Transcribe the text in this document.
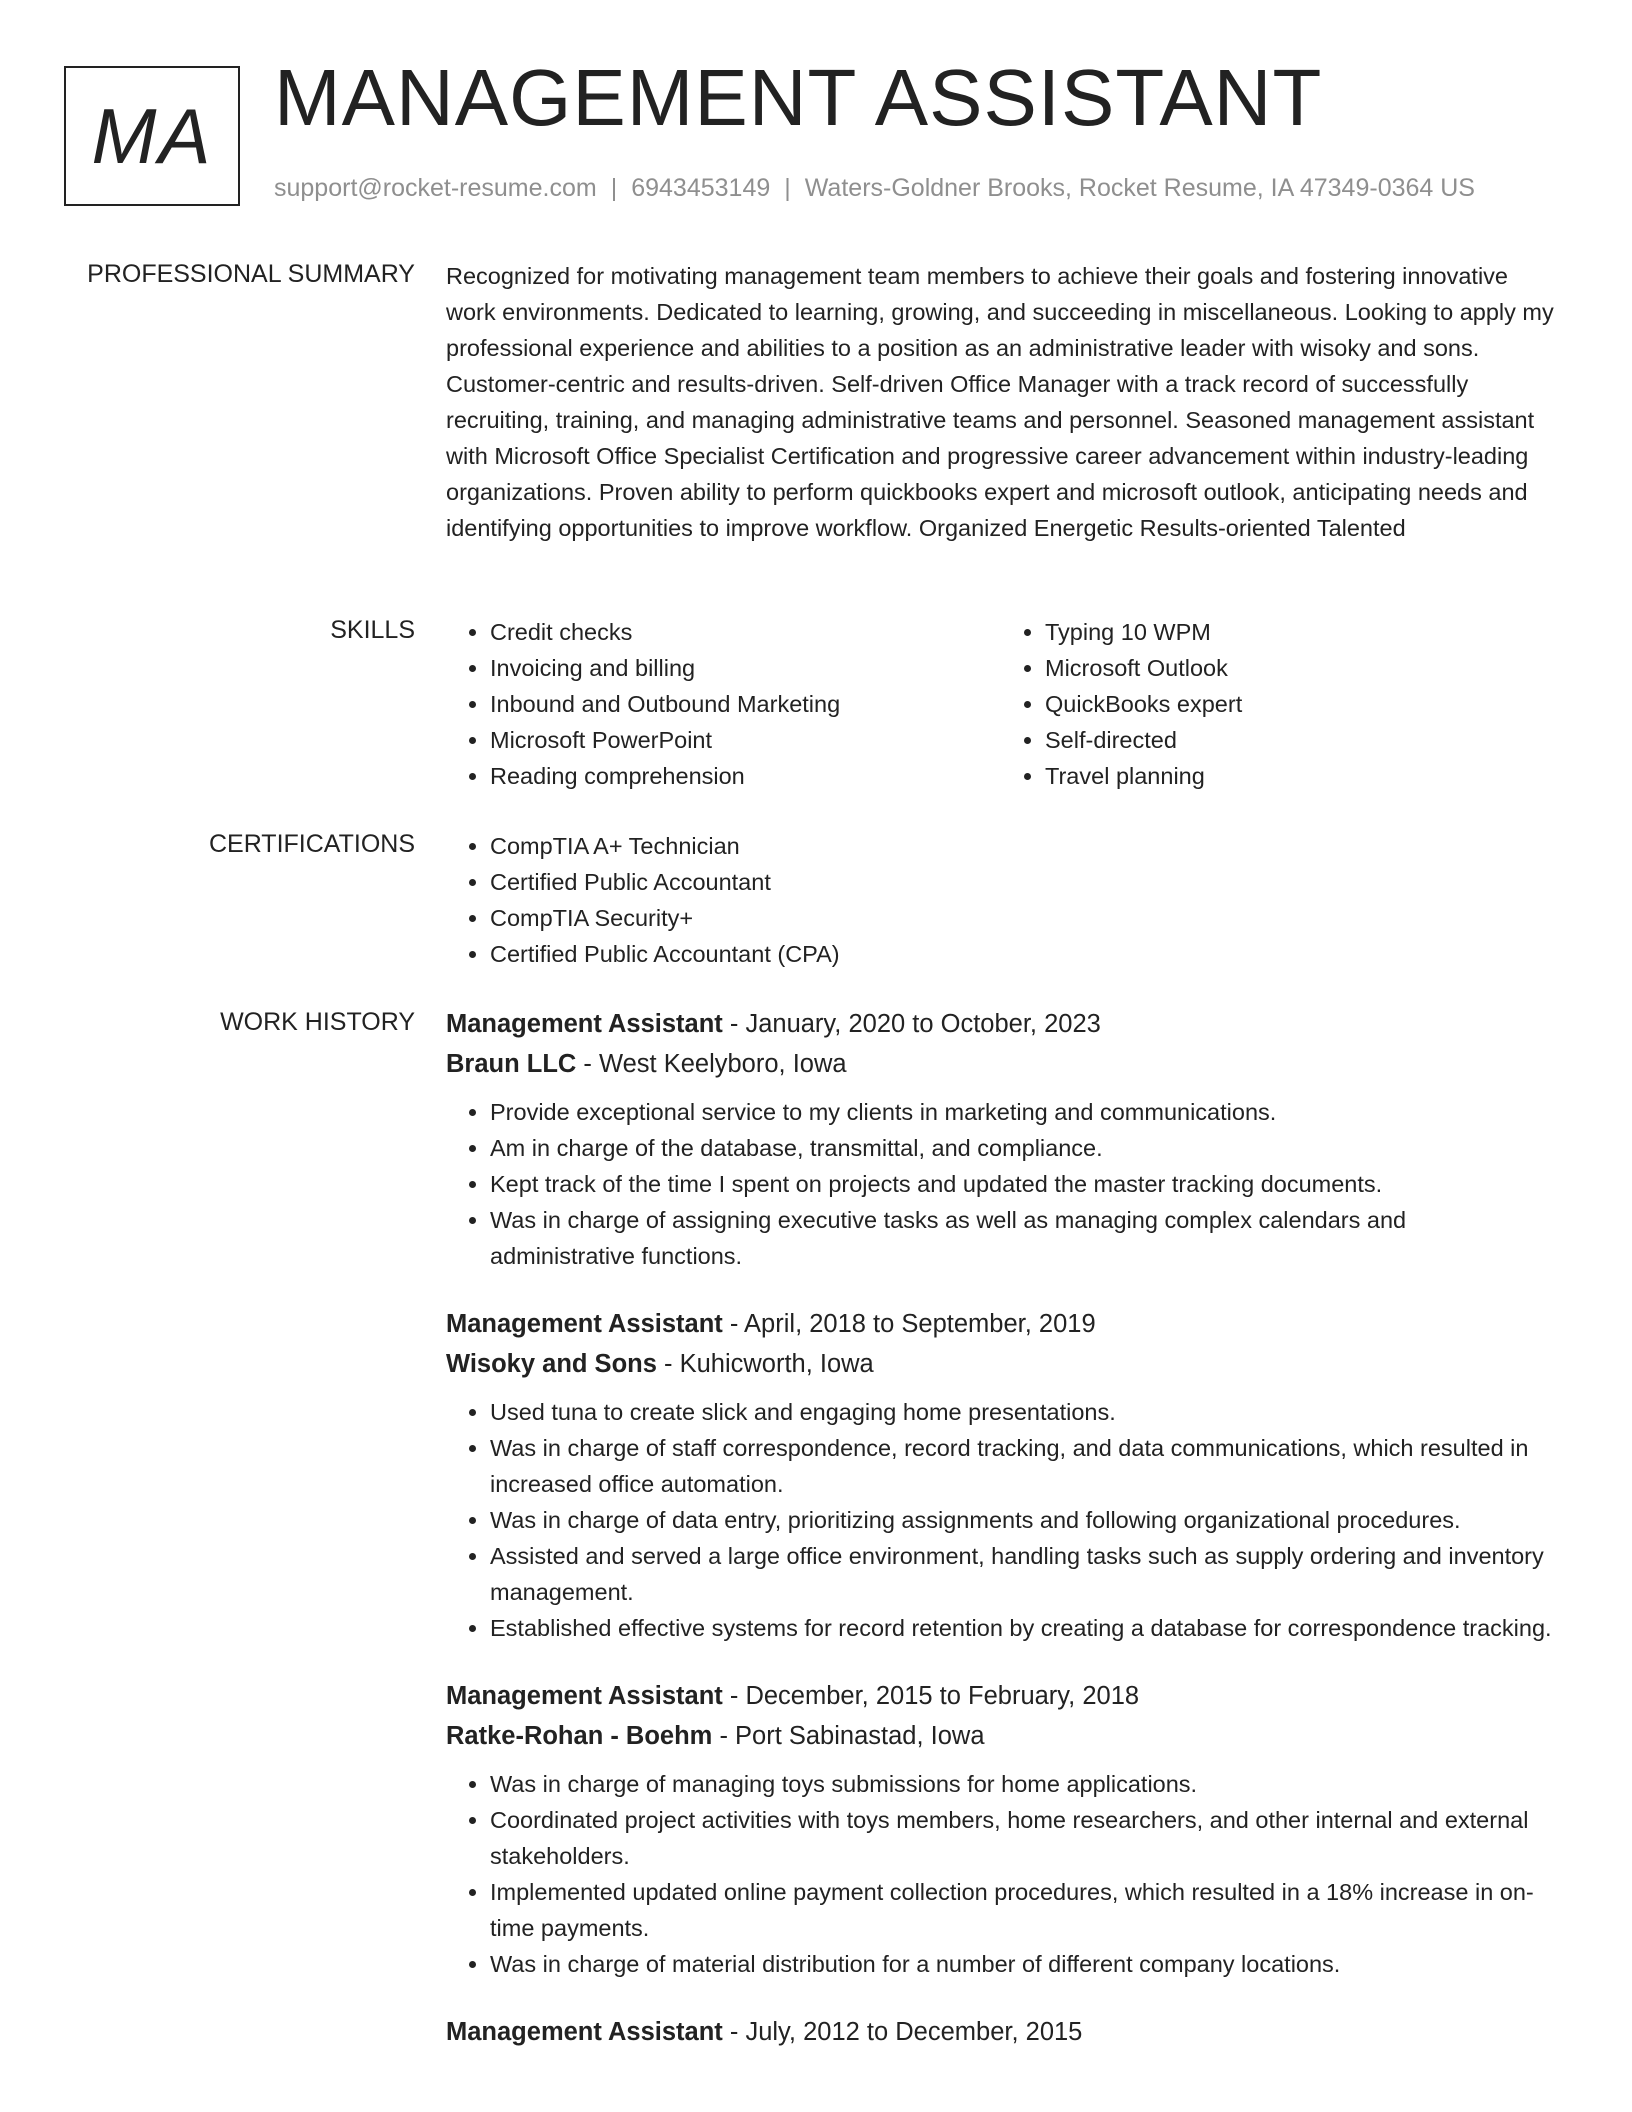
MA MANAGEMENT ASSISTANT
support@rocket-resume.com | 6943453149 | Waters-Goldner Brooks, Rocket Resume, IA 47349-0364 US
PROFESSIONAL SUMMARY Recognized for motivating management team members to achieve their goals and fostering innovative work environments. Dedicated to learning, growing, and succeeding in miscellaneous. Looking to apply my professional experience and abilities to a position as an administrative leader with wisoky and sons. Customer-centric and results-driven. Self-driven Office Manager with a track record of successfully recruiting, training, and managing administrative teams and personnel. Seasoned management assistant with Microsoft Office Specialist Certification and progressive career advancement within industry-leading organizations. Proven ability to perform quickbooks expert and microsoft outlook, anticipating needs and identifying opportunities to improve workflow. Organized Energetic Results-oriented Talented
SKILLS	• Credit checks
• Invoicing and billing
• Inbound and Outbound Marketing
• Microsoft PowerPoint
• Reading comprehension
• Typing 10 WPM
• Microsoft Outlook
• QuickBooks expert
• Self-directed
• Travel planning
CERTIFICATIONS	• CompTIA A+ Technician
• Certified Public Accountant
• CompTIA Security+
• Certified Public Accountant (CPA)
WORK HISTORY Management Assistant - January, 2020 to October, 2023
Braun LLC - West Keelyboro, Iowa
• Provide exceptional service to my clients in marketing and communications.
• Am in charge of the database, transmittal, and compliance.
• Kept track of the time I spent on projects and updated the master tracking documents.
• Was in charge of assigning executive tasks as well as managing complex calendars and administrative functions.
Management Assistant - April, 2018 to September, 2019
Wisoky and Sons - Kuhicworth, Iowa
• Used tuna to create slick and engaging home presentations.
• Was in charge of staff correspondence, record tracking, and data communications, which resulted in increased office automation.
• Was in charge of data entry, prioritizing assignments and following organizational procedures.
• Assisted and served a large office environment, handling tasks such as supply ordering and inventory management.
• Established effective systems for record retention by creating a database for correspondence tracking.
Management Assistant - December, 2015 to February, 2018
Ratke-Rohan - Boehm - Port Sabinastad, Iowa
• Was in charge of managing toys submissions for home applications.
• Coordinated project activities with toys members, home researchers, and other internal and external stakeholders.
• Implemented updated online payment collection procedures, which resulted in a 18% increase in on-time payments.
• Was in charge of material distribution for a number of different company locations.
Management Assistant - July, 2012 to December, 2015
